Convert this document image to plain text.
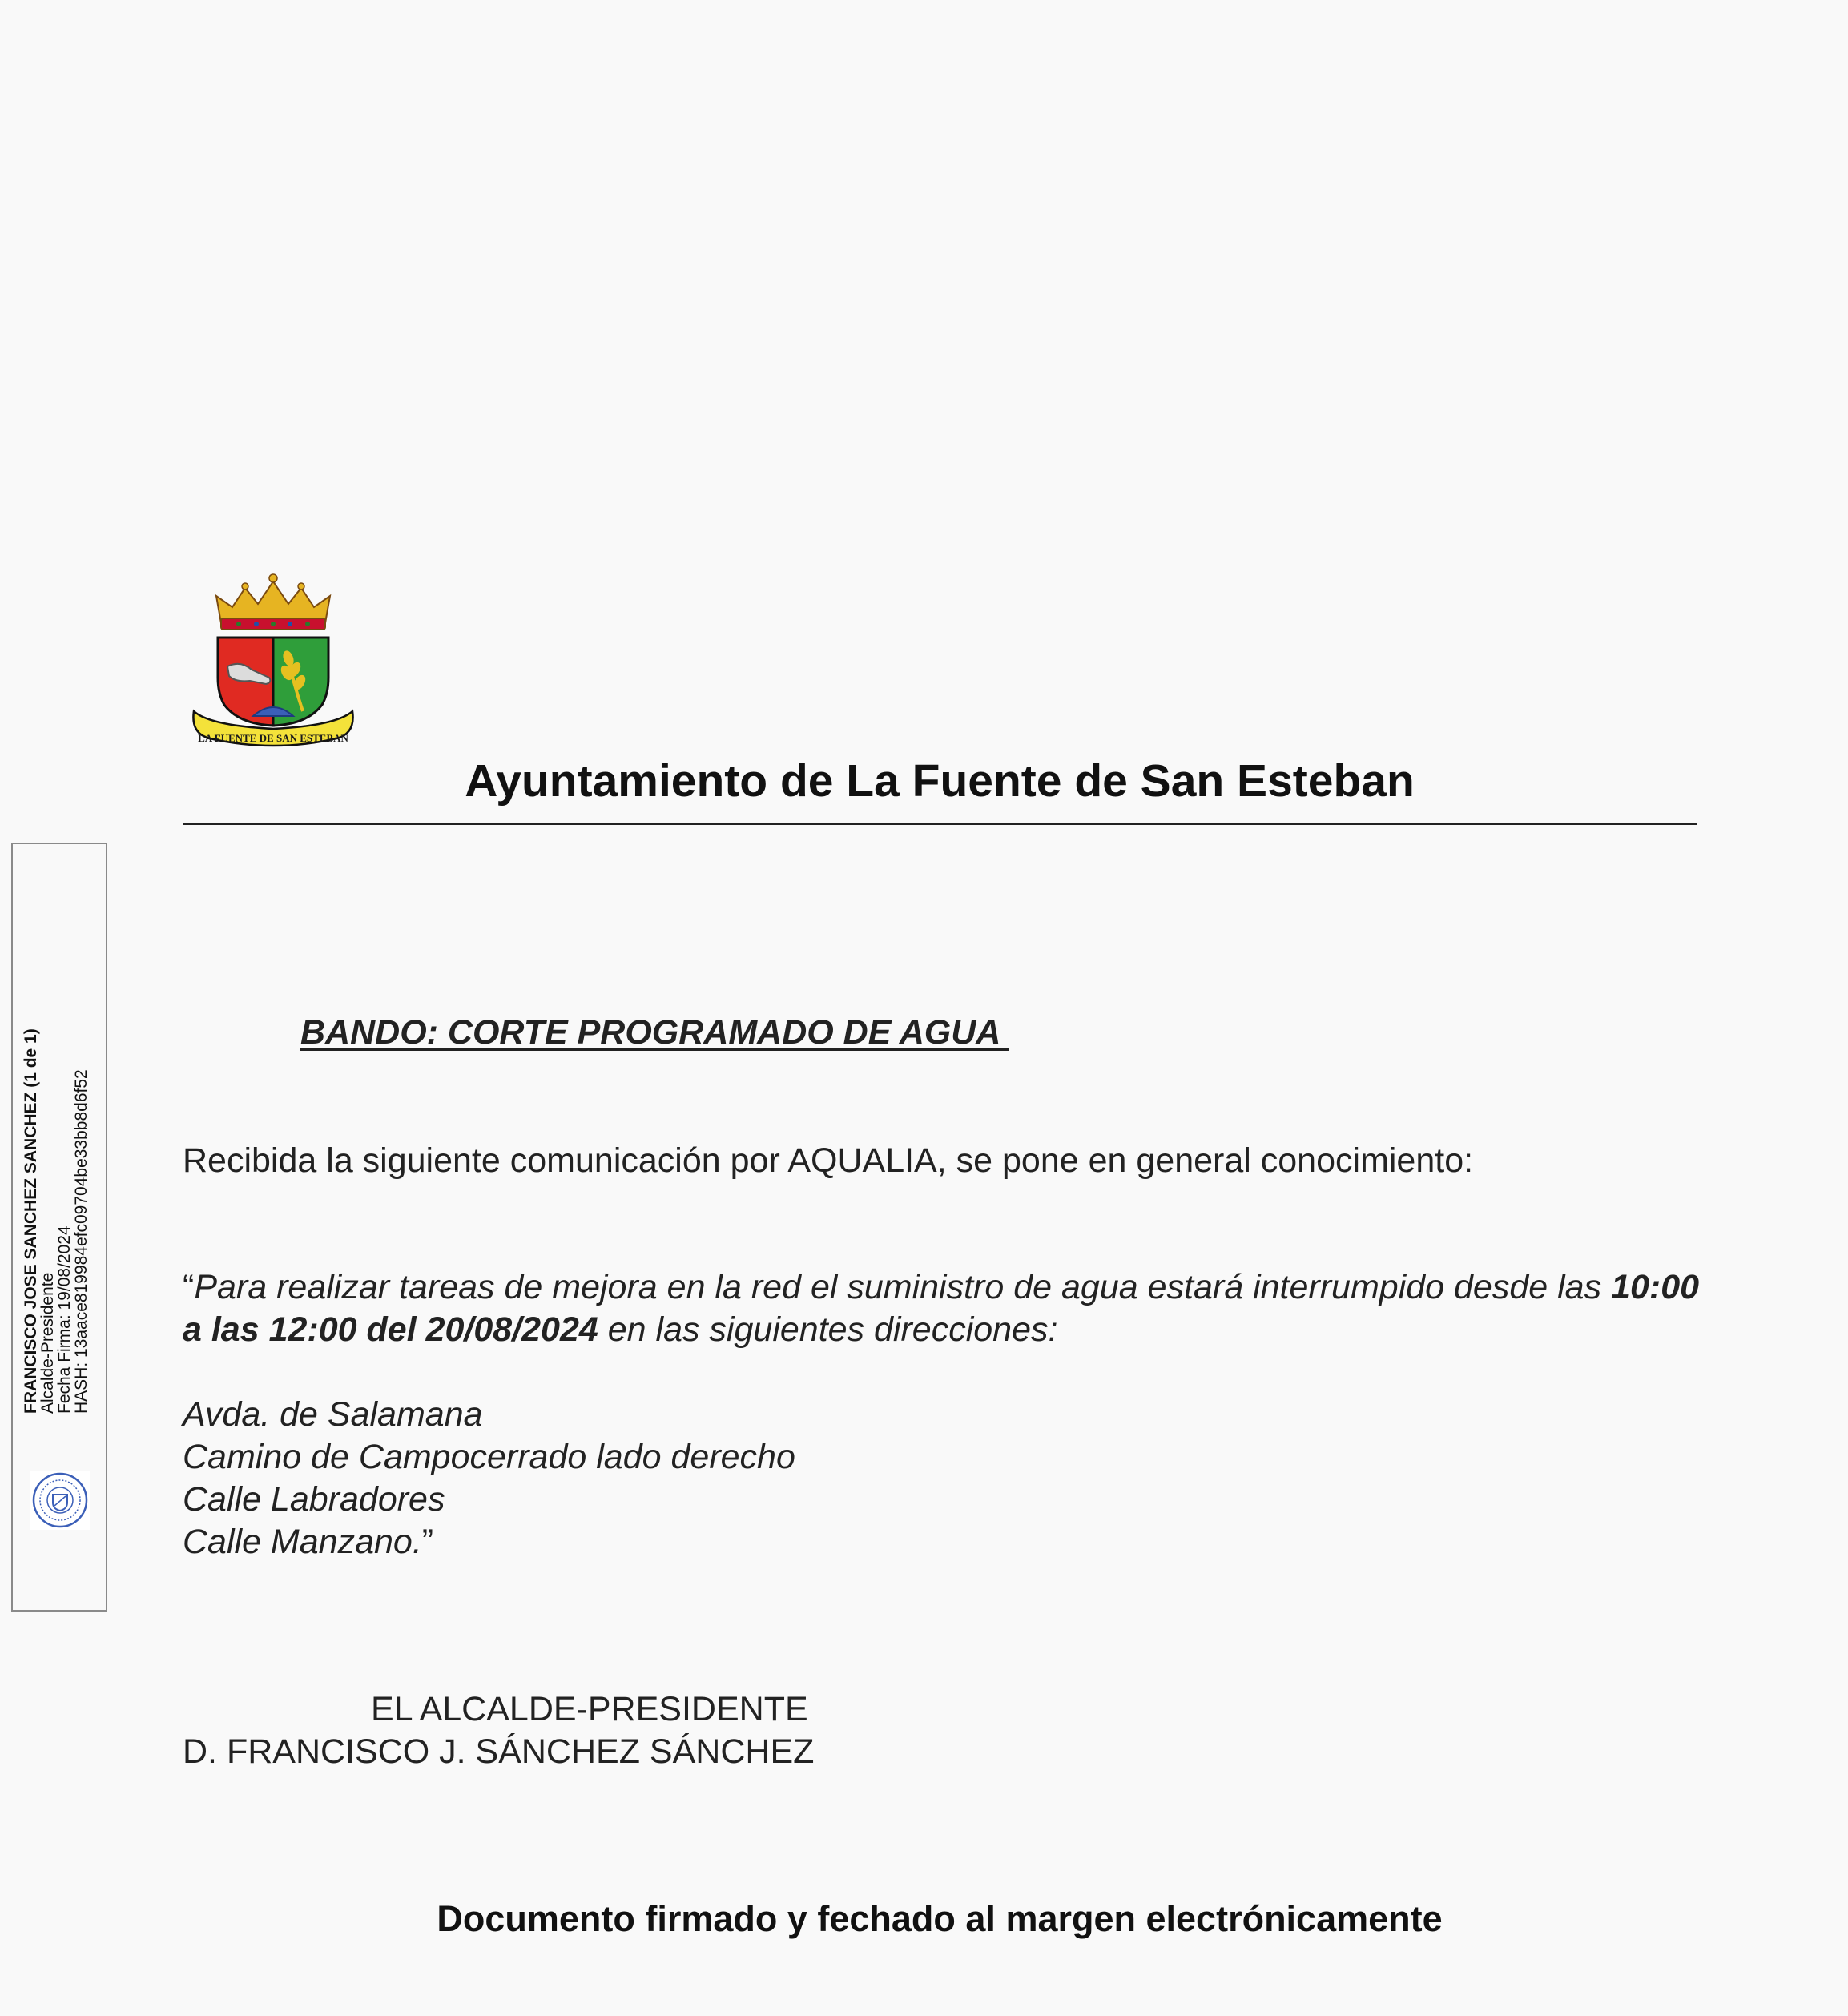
LA FUENTE DE SAN ESTEBAN
Ayuntamiento de La Fuente de San Esteban
FRANCISCO JOSE SANCHEZ SANCHEZ (1 de 1)
Alcalde-Presidente
Fecha Firma: 19/08/2024
HASH: 13aace819984efc09704be33bb8d6f52
BANDO: CORTE PROGRAMADO DE AGUA

Recibida la siguiente comunicación por AQUALIA, se pone en general conocimiento:

“Para realizar tareas de mejora en la red el suministro de agua estará interrumpido desde las 10:00 a las 12:00 del 20/08/2024 en las siguientes direcciones:

Avda. de Salamana
Camino de Campocerrado lado derecho
Calle Labradores
Calle Manzano.”

EL ALCALDE-PRESIDENTE

D. FRANCISCO J. SÁNCHEZ SÁNCHEZ

Documento firmado y fechado al margen electrónicamente
